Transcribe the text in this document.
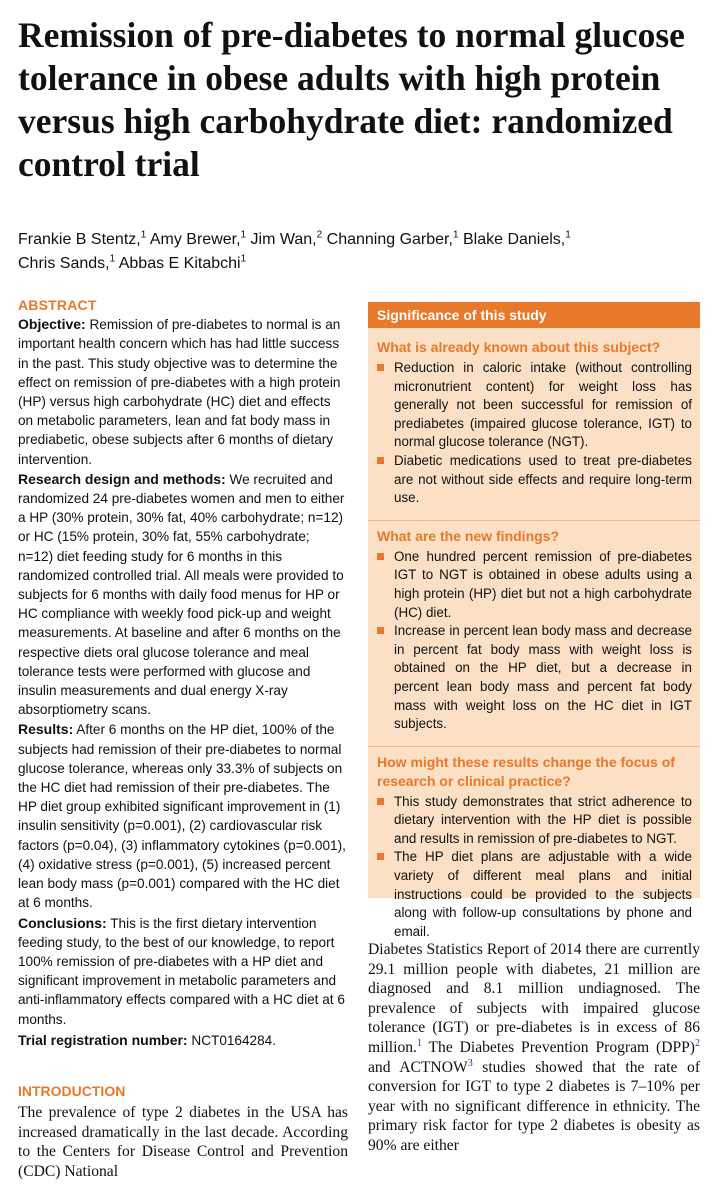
Remission of pre-diabetes to normal glucose tolerance in obese adults with high protein versus high carbohydrate diet: randomized control trial
Frankie B Stentz,$^1$ Amy Brewer,$^1$ Jim Wan,$^2$ Channing Garber,$^1$ Blake Daniels,$^1$
Chris Sands,$^1$ Abbas E Kitabchi$^1$
ABSTRACT

Objective: Remission of pre-diabetes to normal is an important health concern which has had little success in the past. This study objective was to determine the effect on remission of pre-diabetes with a high protein (HP) versus high carbohydrate (HC) diet and effects on metabolic parameters, lean and fat body mass in prediabetic, obese subjects after 6 months of dietary intervention.

Research design and methods: We recruited and randomized 24 pre-diabetes women and men to either a HP (30% protein, 30% fat, 40% carbohydrate; n=12) or HC (15% protein, 30% fat, 55% carbohydrate; n=12) diet feeding study for 6 months in this randomized controlled trial. All meals were provided to subjects for 6 months with daily food menus for HP or HC compliance with weekly food pick-up and weight measurements. At baseline and after 6 months on the respective diets oral glucose tolerance and meal tolerance tests were performed with glucose and insulin measurements and dual energy X-ray absorptiometry scans.

Results: After 6 months on the HP diet, 100% of the subjects had remission of their pre-diabetes to normal glucose tolerance, whereas only 33.3% of subjects on the HC diet had remission of their pre-diabetes. The HP diet group exhibited significant improvement in (1) insulin sensitivity (p=0.001), (2) cardiovascular risk factors (p=0.04), (3) inflammatory cytokines (p=0.001), (4) oxidative stress (p=0.001), (5) increased percent lean body mass (p=0.001) compared with the HC diet at 6 months.

Conclusions: This is the first dietary intervention feeding study, to the best of our knowledge, to report 100% remission of pre-diabetes with a HP diet and significant improvement in metabolic parameters and anti-inflammatory effects compared with a HC diet at 6 months.

Trial registration number: NCT0164284.

INTRODUCTION

The prevalence of type 2 diabetes in the USA has increased dramatically in the last decade. According to the Centers for Disease Control and Prevention (CDC) National

Significance of this study
What is already known about this subject?
Reduction in caloric intake (without controlling micronutrient content) for weight loss has generally not been successful for remission of prediabetes (impaired glucose tolerance, IGT) to normal glucose tolerance (NGT).
Diabetic medications used to treat pre-diabetes are not without side effects and require long-term use.
What are the new findings?
One hundred percent remission of pre-diabetes IGT to NGT is obtained in obese adults using a high protein (HP) diet but not a high carbohydrate (HC) diet.
Increase in percent lean body mass and decrease in percent fat body mass with weight loss is obtained on the HP diet, but a decrease in percent lean body mass and percent fat body mass with weight loss on the HC diet in IGT subjects.
How might these results change the focus of research or clinical practice?
This study demonstrates that strict adherence to dietary intervention with the HP diet is possible and results in remission of pre-diabetes to NGT.
The HP diet plans are adjustable with a wide variety of different meal plans and initial instructions could be provided to the subjects along with follow-up consultations by phone and email.

Diabetes Statistics Report of 2014 there are currently 29.1 million people with diabetes, 21 million are diagnosed and 8.1 million undiagnosed. The prevalence of subjects with impaired glucose tolerance (IGT) or pre-diabetes is in excess of 86 million.$^1$ The Diabetes Prevention Program (DPP)$^2$ and ACTNOW$^3$ studies showed that the rate of conversion for IGT to type 2 diabetes is 7–10% per year with no significant difference in ethnicity. The primary risk factor for type 2 diabetes is obesity as 90% are either
